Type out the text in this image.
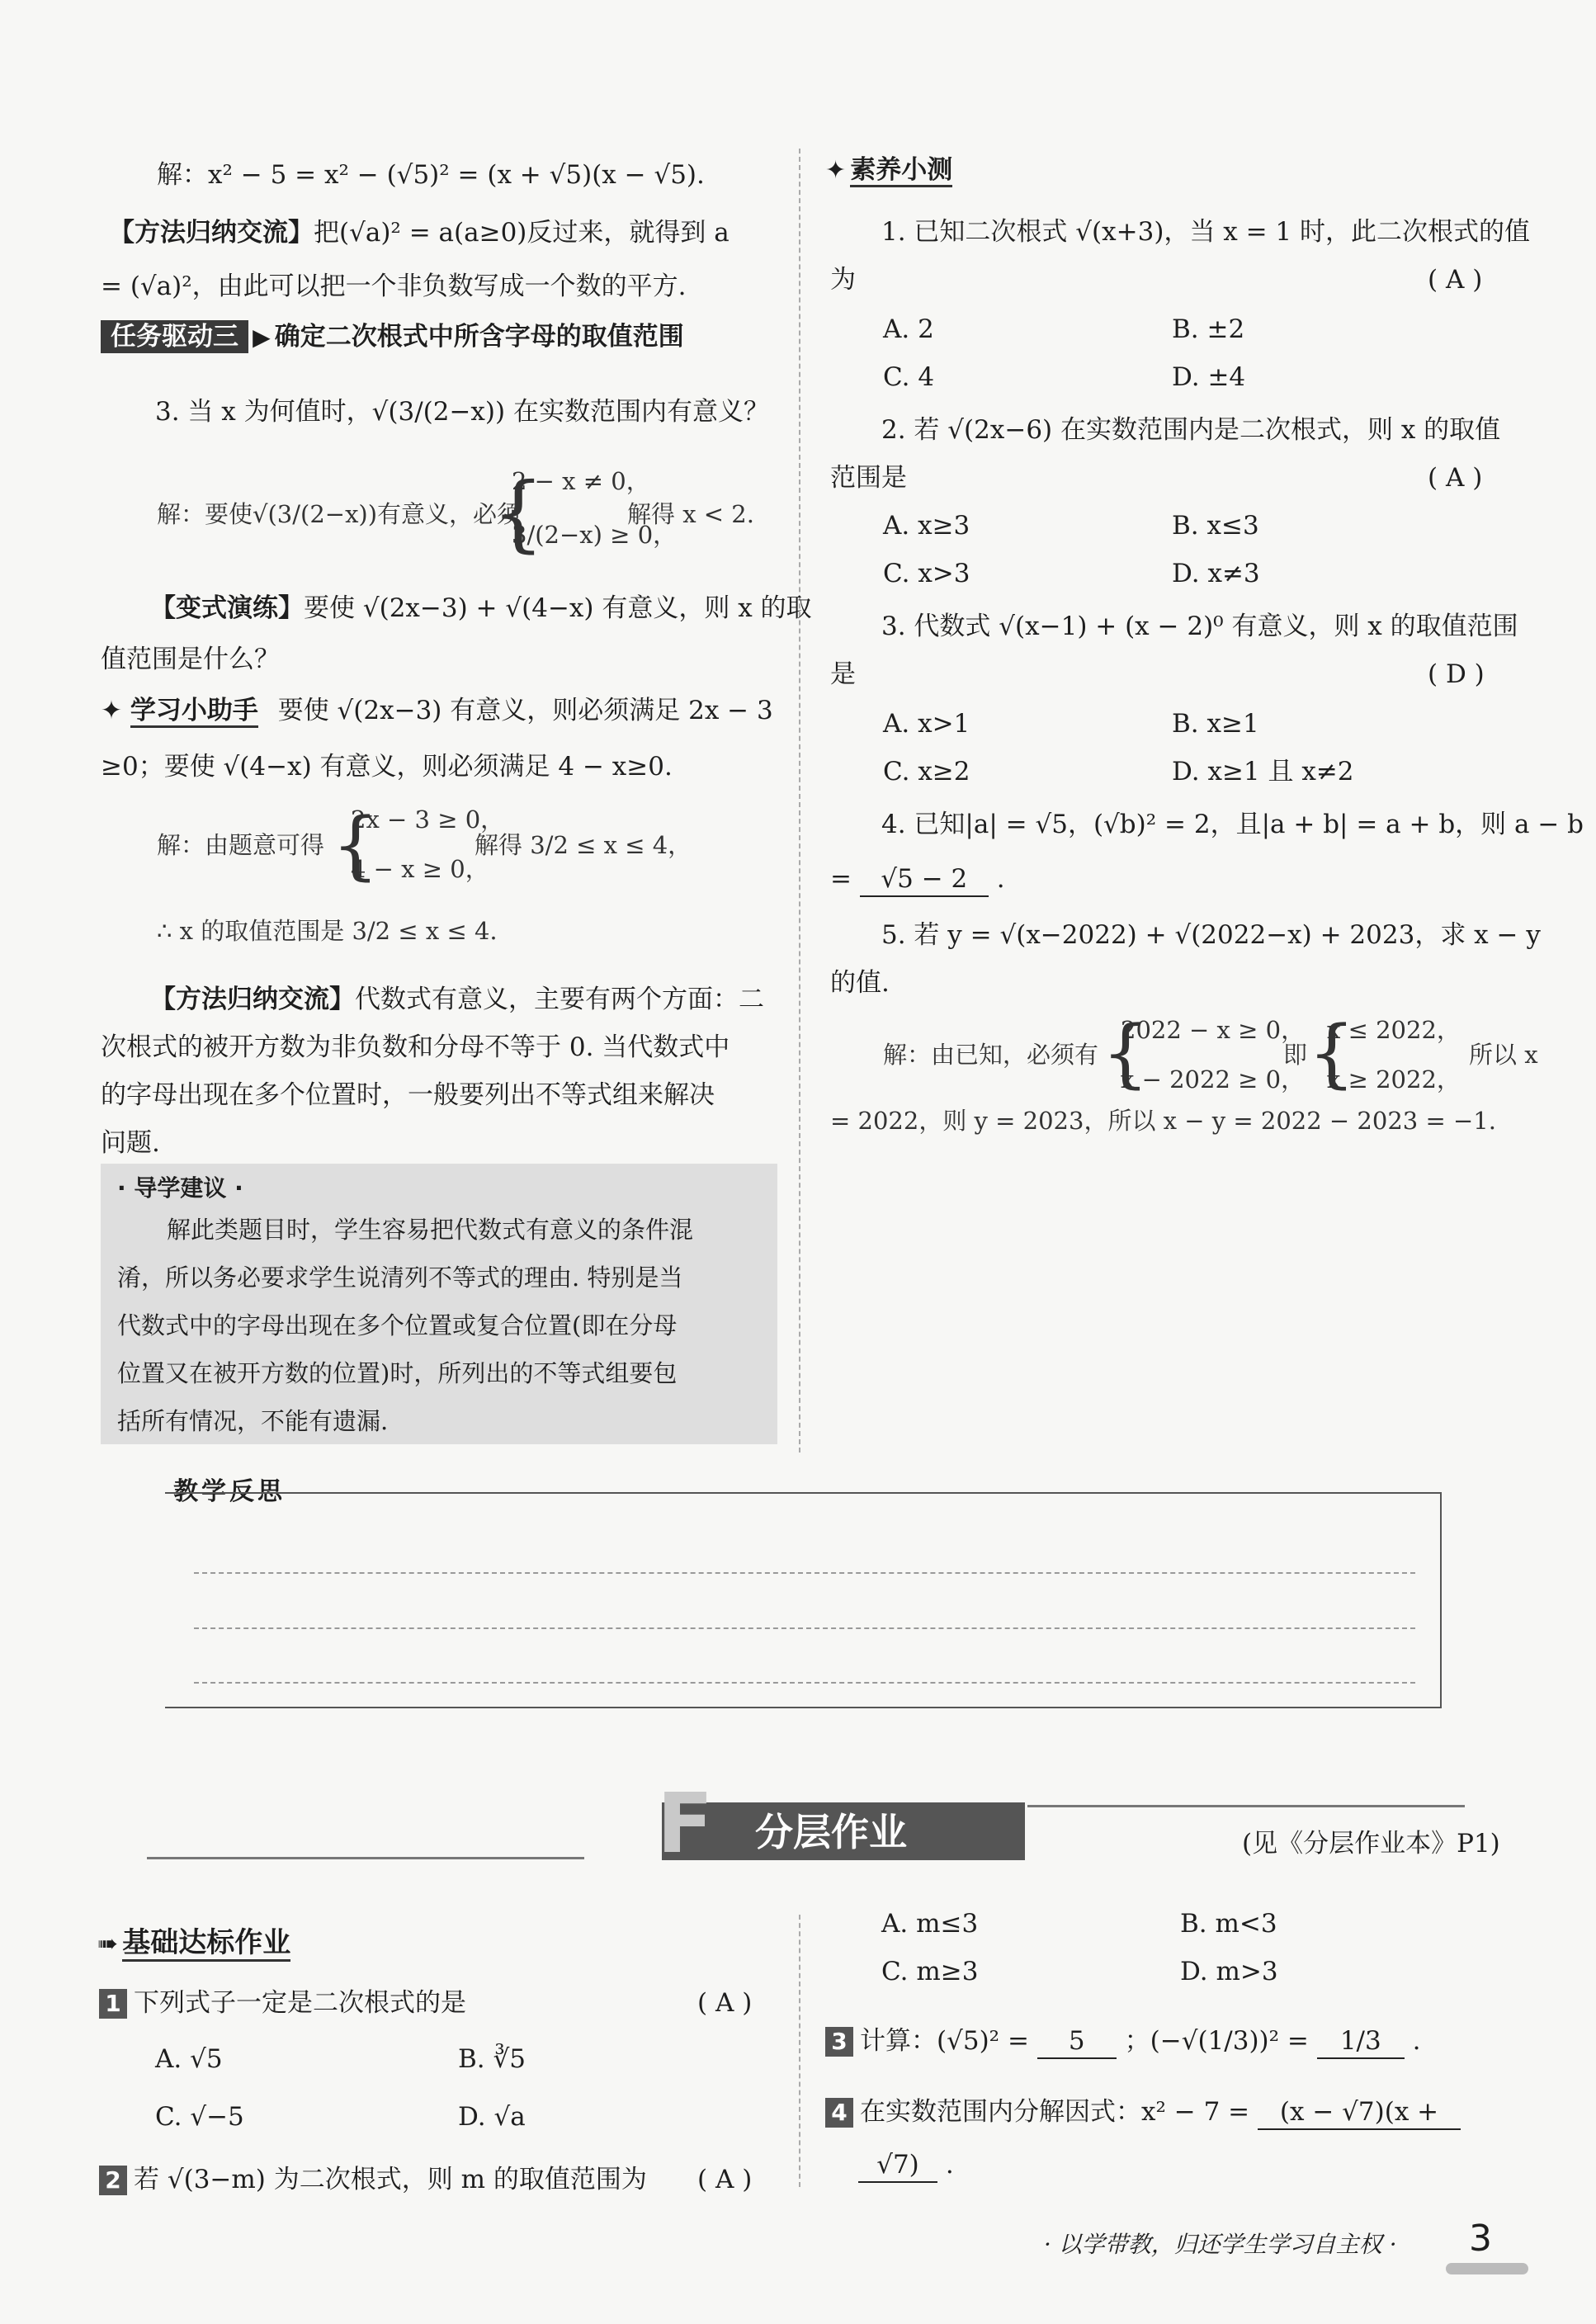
解：x² − 5 = x² − (√5)² = (x + √5)(x − √5).
【方法归纳交流】把(√a)² = a(a≥0)反过来，就得到 a
= (√a)²，由此可以把一个非负数写成一个数的平方.
任务驱动三 ▶ 确定二次根式中所含字母的取值范围
3. 当 x 为何值时，√(3/(2−x)) 在实数范围内有意义？
解：要使√(3/(2−x))有意义，必须
{
2 − x ≠ 0，
3/(2−x) ≥ 0，
解得 x < 2.
【变式演练】要使 √(2x−3) + √(4−x) 有意义，则 x 的取
值范围是什么？
✦ 学习小助手 要使 √(2x−3) 有意义，则必须满足 2x − 3
≥0；要使 √(4−x) 有意义，则必须满足 4 − x≥0.
解：由题意可得 {
2x − 3 ≥ 0，
4 − x ≥ 0，
解得 3/2 ≤ x ≤ 4，
∴ x 的取值范围是 3/2 ≤ x ≤ 4.
【方法归纳交流】代数式有意义，主要有两个方面：二
次根式的被开方数为非负数和分母不等于 0. 当代数式中
的字母出现在多个位置时，一般要列出不等式组来解决
问题.
· 导学建议 ·
解此类题目时，学生容易把代数式有意义的条件混
淆，所以务必要求学生说清列不等式的理由. 特别是当
代数式中的字母出现在多个位置或复合位置(即在分母
位置又在被开方数的位置)时，所列出的不等式组要包
括所有情况，不能有遗漏.
✦ 素养小测
1. 已知二次根式 √(x+3)，当 x = 1 时，此二次根式的值
为	( A )
A. 2	B. ±2
C. 4	D. ±4
2. 若 √(2x−6) 在实数范围内是二次根式，则 x 的取值
范围是	( A )
A. x≥3	B. x≤3
C. x>3	D. x≠3
3. 代数式 √(x−1) + (x − 2)⁰ 有意义，则 x 的取值范围
是	( D )
A. x>1	B. x≥1
C. x≥2	D. x≥1 且 x≠2
4. 已知|a| = √5，(√b)² = 2，且|a + b| = a + b，则 a − b
= √5 − 2 .
5. 若 y = √(x−2022) + √(2022−x) + 2023，求 x − y
的值.
解：由已知，必须有 {
2022 − x ≥ 0，
x − 2022 ≥ 0，
即 {
x ≤ 2022，
x ≥ 2022，
所以 x
= 2022，则 y = 2023，所以 x − y = 2022 − 2023 = −1.
教学反思
F 分层作业	(见《分层作业本》P1)
➠ 基础达标作业
1 下列式子一定是二次根式的是	( A )
A. √5	B. ∛5
C. √−5	D. √a
2 若 √(3−m) 为二次根式，则 m 的取值范围为 ( A )
A. m≤3	B. m<3
C. m≥3	D. m>3
3 计算：(√5)² = 5 ；(−√(1/3))² = 1/3 .
4 在实数范围内分解因式：x² − 7 = (x − √7)(x +
√7) .
· 以学带教，归还学生学习自主权 · 3
